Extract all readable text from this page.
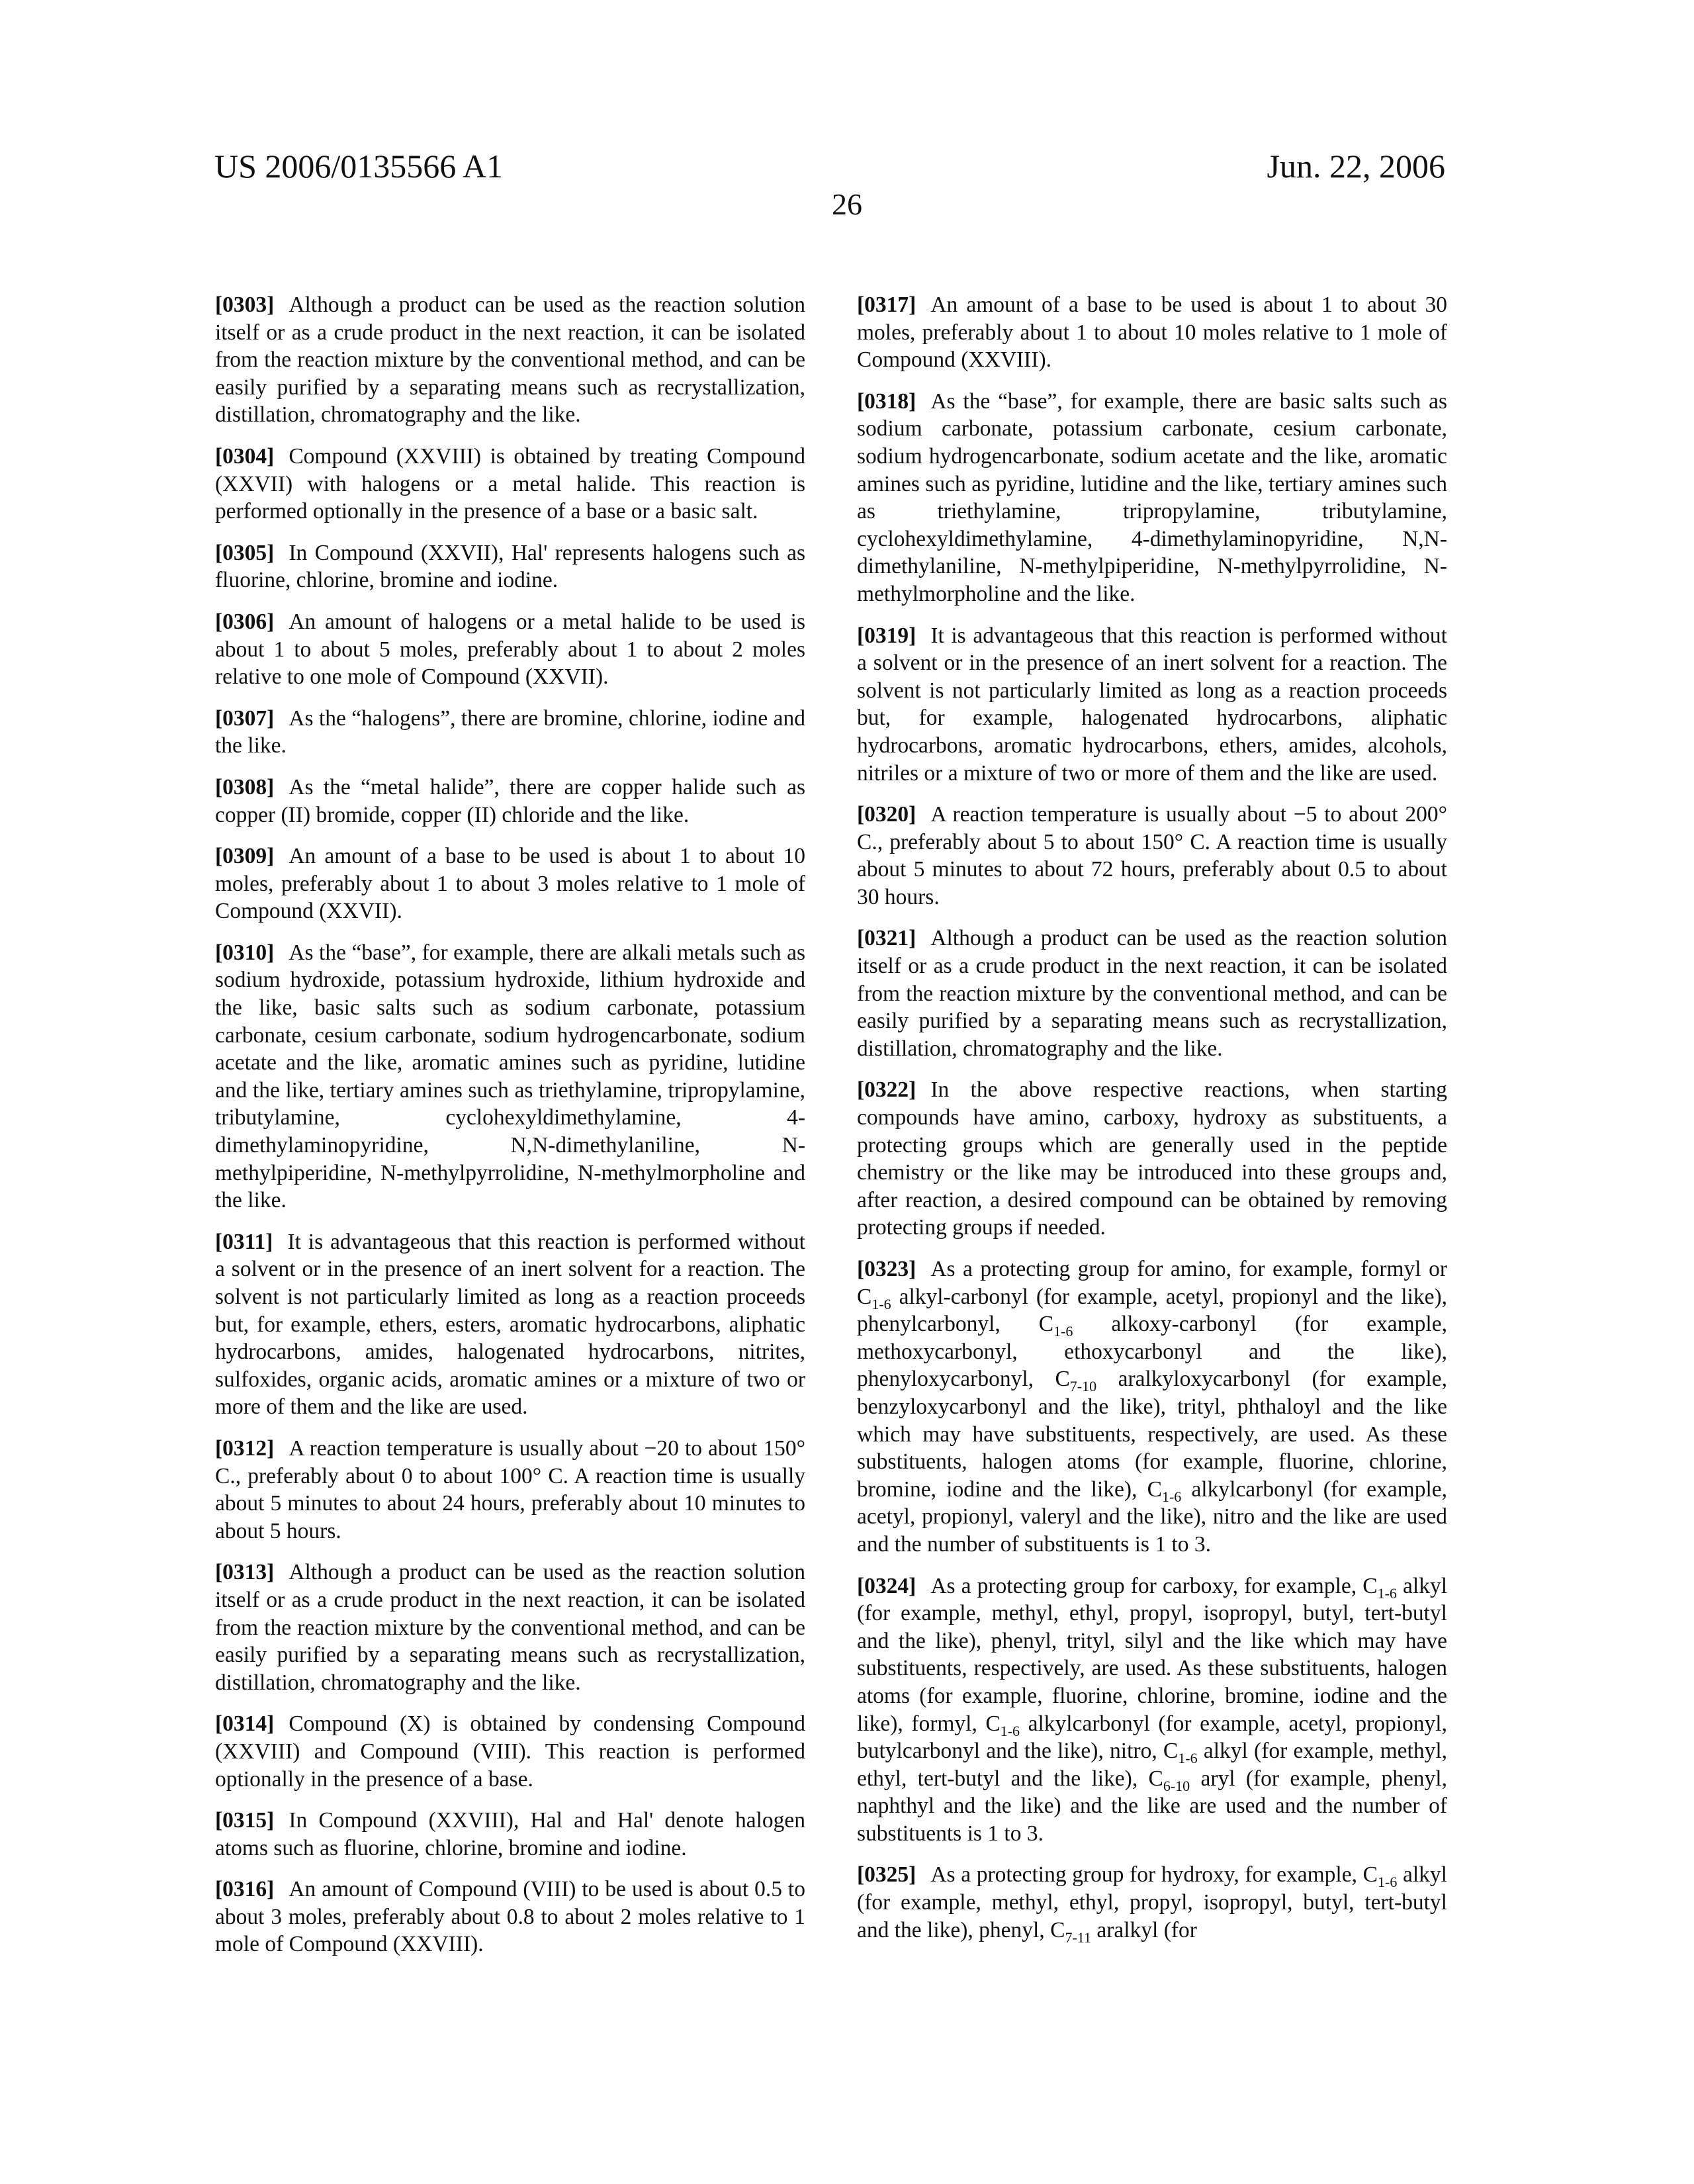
US 2006/0135566 A1
26
Jun. 22, 2006

[0303] Although a product can be used as the reaction solution itself or as a crude product in the next reaction, it can be isolated from the reaction mixture by the conventional method, and can be easily purified by a separating means such as recrystallization, distillation, chromatography and the like.

[0304] Compound (XXVIII) is obtained by treating Compound (XXVII) with halogens or a metal halide. This reaction is performed optionally in the presence of a base or a basic salt.

[0305] In Compound (XXVII), Hal' represents halogens such as fluorine, chlorine, bromine and iodine.

[0306] An amount of halogens or a metal halide to be used is about 1 to about 5 moles, preferably about 1 to about 2 moles relative to one mole of Compound (XXVII).

[0307] As the “halogens”, there are bromine, chlorine, iodine and the like.

[0308] As the “metal halide”, there are copper halide such as copper (II) bromide, copper (II) chloride and the like.

[0309] An amount of a base to be used is about 1 to about 10 moles, preferably about 1 to about 3 moles relative to 1 mole of Compound (XXVII).

[0310] As the “base”, for example, there are alkali metals such as sodium hydroxide, potassium hydroxide, lithium hydroxide and the like, basic salts such as sodium carbonate, potassium carbonate, cesium carbonate, sodium hydrogencarbonate, sodium acetate and the like, aromatic amines such as pyridine, lutidine and the like, tertiary amines such as triethylamine, tripropylamine, tributylamine, cyclohexyldimethylamine, 4-dimethylaminopyridine, N,N-dimethylaniline, N-methylpiperidine, N-methylpyrrolidine, N-methylmorpholine and the like.

[0311] It is advantageous that this reaction is performed without a solvent or in the presence of an inert solvent for a reaction. The solvent is not particularly limited as long as a reaction proceeds but, for example, ethers, esters, aromatic hydrocarbons, aliphatic hydrocarbons, amides, halogenated hydrocarbons, nitrites, sulfoxides, organic acids, aromatic amines or a mixture of two or more of them and the like are used.

[0312] A reaction temperature is usually about −20 to about 150° C., preferably about 0 to about 100° C. A reaction time is usually about 5 minutes to about 24 hours, preferably about 10 minutes to about 5 hours.

[0313] Although a product can be used as the reaction solution itself or as a crude product in the next reaction, it can be isolated from the reaction mixture by the conventional method, and can be easily purified by a separating means such as recrystallization, distillation, chromatography and the like.

[0314] Compound (X) is obtained by condensing Compound (XXVIII) and Compound (VIII). This reaction is performed optionally in the presence of a base.

[0315] In Compound (XXVIII), Hal and Hal' denote halogen atoms such as fluorine, chlorine, bromine and iodine.

[0316] An amount of Compound (VIII) to be used is about 0.5 to about 3 moles, preferably about 0.8 to about 2 moles relative to 1 mole of Compound (XXVIII).

[0317] An amount of a base to be used is about 1 to about 30 moles, preferably about 1 to about 10 moles relative to 1 mole of Compound (XXVIII).

[0318] As the “base”, for example, there are basic salts such as sodium carbonate, potassium carbonate, cesium carbonate, sodium hydrogencarbonate, sodium acetate and the like, aromatic amines such as pyridine, lutidine and the like, tertiary amines such as triethylamine, tripropylamine, tributylamine, cyclohexyldimethylamine, 4-dimethylaminopyridine, N,N-dimethylaniline, N-methylpiperidine, N-methylpyrrolidine, N-methylmorpholine and the like.

[0319] It is advantageous that this reaction is performed without a solvent or in the presence of an inert solvent for a reaction. The solvent is not particularly limited as long as a reaction proceeds but, for example, halogenated hydrocarbons, aliphatic hydrocarbons, aromatic hydrocarbons, ethers, amides, alcohols, nitriles or a mixture of two or more of them and the like are used.

[0320] A reaction temperature is usually about −5 to about 200° C., preferably about 5 to about 150° C. A reaction time is usually about 5 minutes to about 72 hours, preferably about 0.5 to about 30 hours.

[0321] Although a product can be used as the reaction solution itself or as a crude product in the next reaction, it can be isolated from the reaction mixture by the conventional method, and can be easily purified by a separating means such as recrystallization, distillation, chromatography and the like.

[0322] In the above respective reactions, when starting compounds have amino, carboxy, hydroxy as substituents, a protecting groups which are generally used in the peptide chemistry or the like may be introduced into these groups and, after reaction, a desired compound can be obtained by removing protecting groups if needed.

[0323] As a protecting group for amino, for example, formyl or C1-6 alkyl-carbonyl (for example, acetyl, propionyl and the like), phenylcarbonyl, C1-6 alkoxy-carbonyl (for example, methoxycarbonyl, ethoxycarbonyl and the like), phenyloxycarbonyl, C7-10 aralkyloxycarbonyl (for example, benzyloxycarbonyl and the like), trityl, phthaloyl and the like which may have substituents, respectively, are used. As these substituents, halogen atoms (for example, fluorine, chlorine, bromine, iodine and the like), C1-6 alkylcarbonyl (for example, acetyl, propionyl, valeryl and the like), nitro and the like are used and the number of substituents is 1 to 3.

[0324] As a protecting group for carboxy, for example, C1-6 alkyl (for example, methyl, ethyl, propyl, isopropyl, butyl, tert-butyl and the like), phenyl, trityl, silyl and the like which may have substituents, respectively, are used. As these substituents, halogen atoms (for example, fluorine, chlorine, bromine, iodine and the like), formyl, C1-6 alkylcarbonyl (for example, acetyl, propionyl, butylcarbonyl and the like), nitro, C1-6 alkyl (for example, methyl, ethyl, tert-butyl and the like), C6-10 aryl (for example, phenyl, naphthyl and the like) and the like are used and the number of substituents is 1 to 3.

[0325] As a protecting group for hydroxy, for example, C1-6 alkyl (for example, methyl, ethyl, propyl, isopropyl, butyl, tert-butyl and the like), phenyl, C7-11 aralkyl (for
